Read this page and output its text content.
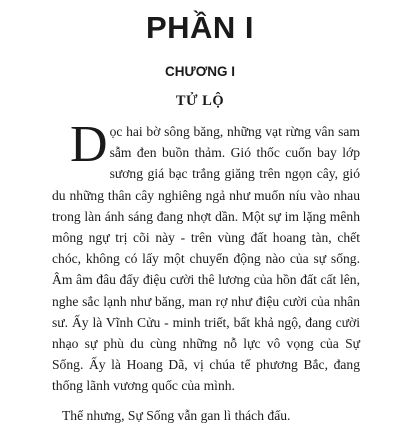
PHẦN I
CHƯƠNG I
TỬ LỘ

Dọc hai bờ sông băng, những vạt rừng vân sam sẫm đen buồn thảm. Gió thốc cuốn bay lớp sương giá bạc trắng giăng trên ngọn cây, gió du những thân cây nghiêng ngả như muốn níu vào nhau trong làn ánh sáng đang nhợt dần. Một sự im lặng mênh mông ngự trị cõi này - trên vùng đất hoang tàn, chết chóc, không có lấy một chuyển động nào của sự sống. Âm âm đâu đấy điệu cười thê lương của hồn đất cất lên, nghe sắc lạnh như băng, man rợ như điệu cười của nhân sư. Ấy là Vĩnh Cửu - minh triết, bất khả ngộ, đang cười nhạo sự phù du cùng những nỗ lực vô vọng của Sự Sống. Ấy là Hoang Dã, vị chúa tể phương Bắc, đang thống lãnh vương quốc của mình.

Thế nhưng, Sự Sống vẫn gan lì thách đấu.
